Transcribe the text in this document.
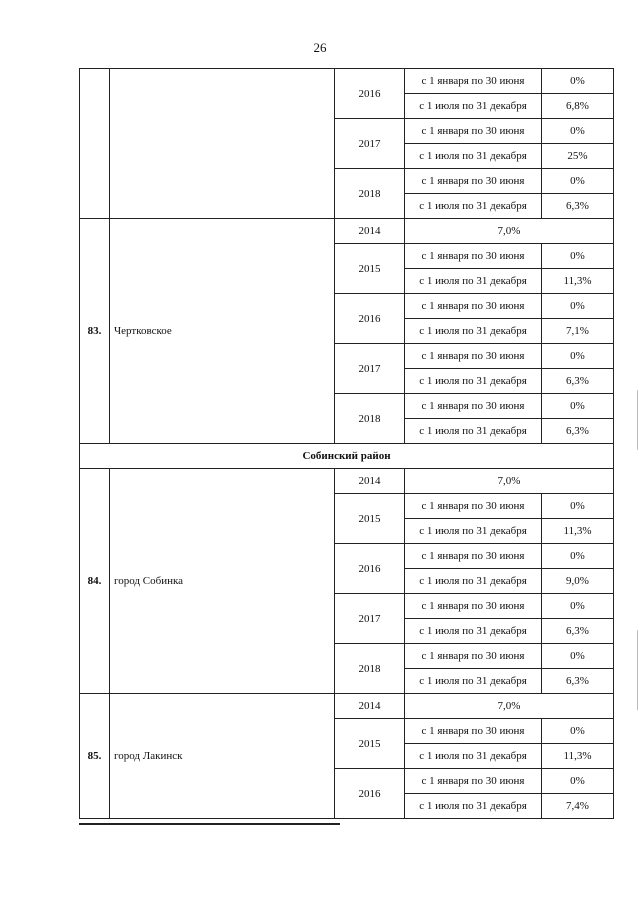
26
		2016	с 1 января по 30 июня	0%
			с 1 июля по 31 декабря	6,8%
		2017	с 1 января по 30 июня	0%
			с 1 июля по 31 декабря	25%
		2018	с 1 января по 30 июня	0%
			с 1 июля по 31 декабря	6,3%
83.	Чертковское	2014	7,0%	
		2015	с 1 января по 30 июня	0%
			с 1 июля по 31 декабря	11,3%
		2016	с 1 января по 30 июня	0%
			с 1 июля по 31 декабря	7,1%
		2017	с 1 января по 30 июня	0%
			с 1 июля по 31 декабря	6,3%
		2018	с 1 января по 30 июня	0%
			с 1 июля по 31 декабря	6,3%
Собинский район				
84.	город Собинка	2014	7,0%	
		2015	с 1 января по 30 июня	0%
			с 1 июля по 31 декабря	11,3%
		2016	с 1 января по 30 июня	0%
			с 1 июля по 31 декабря	9,0%
		2017	с 1 января по 30 июня	0%
			с 1 июля по 31 декабря	6,3%
		2018	с 1 января по 30 июня	0%
			с 1 июля по 31 декабря	6,3%
85.	город Лакинск	2014	7,0%	
		2015	с 1 января по 30 июня	0%
			с 1 июля по 31 декабря	11,3%
		2016	с 1 января по 30 июня	0%
			с 1 июля по 31 декабря	7,4%
